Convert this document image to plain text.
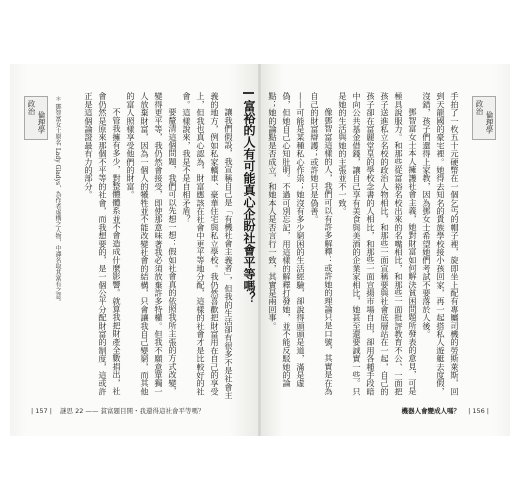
政治
倫理學

手拍了一枚五十元硬幣在一個乞丐的帽子裡，旋即坐上配有專屬司機的勞斯萊斯，回到天龍國的豪宅裡。她得去知名的貴族學校接小孩回家，再一起搭私人遊艇去度假，沒錯，孩子們還得上家教，因為鄧女士希望她們考試不要落於人後。

鄧智富女士本人擁護社會主義，她對財富如何解決貧困問題所發表的意見，可是極具說服力。和那些從富裕名校出來的名嘴相比，和那些一面批評教育不公、一面把孩子送進私立名校的政治人物相比，和那些一面宣稱要與社會底層站在一起，自己的孩子卻在富麗堂皇的學校念書的人相比，和那些一面宣揚市場自由，卻用各種手段暗中向公共基金借錢，讓自己享有美食與美酒的企業家相比，她甚至還要誠實一些。只是她的生活與她的主張並不一致。

像鄧智富這樣的人，我們可以有許多解釋：或許她的理論只是口號，其實是在為自己的財富辯護；或許她只是偽善。

——可能是某種私心作祟；她沒有多少窮困的生活經驗，卻說得頭頭是道，滿是虛偽，但她自己心知肚明。不過可別忘記，用這樣的解釋打發她，並不能反駁她的論點；她的論點是否成立，和她本人是否言行一致，其實是兩回事。

機器人會變成人嗎？ | 156 |
富裕的人有可能真心企盼社會平等嗎？

讓我們假設，我宣稱自己是「有機社會主義者」，但我的生活卻有很多不是社會主義的地方，例如私家轎車、豪華住宅與私立學校。我仍然喜歡把財富用在自己的享受上，但我也真心認為，財富應該在社會中更平等地分配，這樣的社會才是比較好的社會。這樣說來，我是不是自相矛盾？

要釐清這個問題，我們可以先想一想：假如社會真的依照我所主張的方式改變，變得更平等，我仍然會接受，即使那意味著我必須放棄許多特權。但我不願意單獨一人放棄財富，因為一個人的犧牲並不能改變社會的結構，只會讓我自己變窮，而其他的富人照樣享受他們的財富。

不管我擁有多少，對整體體系並不會造成什麼影響。就算我把財產全數捐出，社會仍然是原來那個不平等的社會，而我想要的，是一個公平分配財富的制度，這或許正是這個論證最有力的部分。

＊ 鄧智富女士原名 Lady Gladys，為作者虛構之人物，中譯名取其富有之意。
政治
倫理學
| 157 | 謎思 22 —— 貧富題目開・我還得這社會平等嗎？
